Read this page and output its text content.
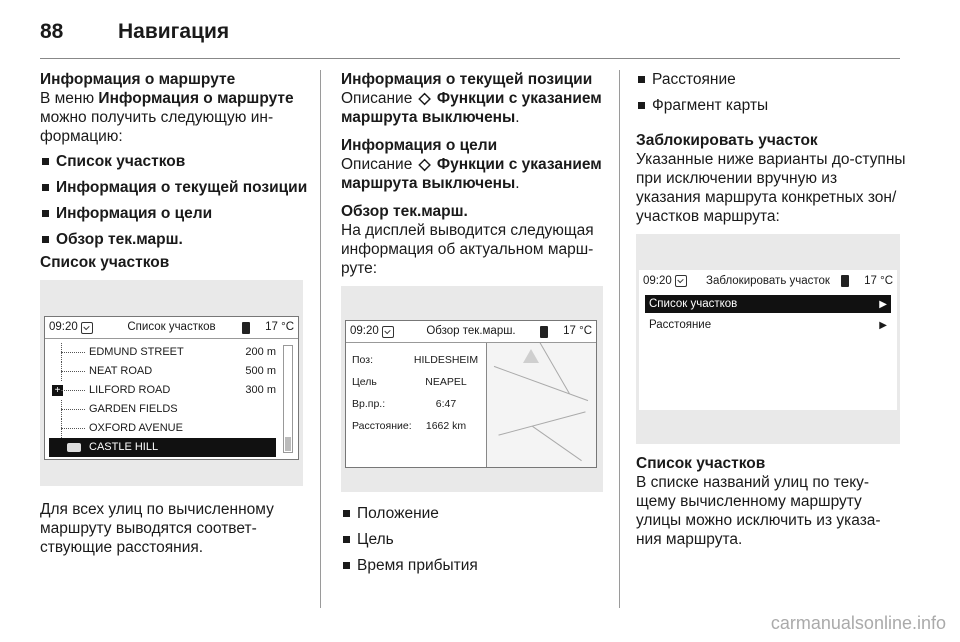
88	Навигация

Информация о маршруте

В меню Информация о маршруте можно получить следующую ин-формацию:

Список участков
Информация о текущей позиции
Информация о цели
Обзор тек.марш.

Список участков

09:20	Список участков	17 °C
EDMUND STREET	200 m
NEAT ROAD	500 m
+	LILFORD ROAD	300 m
GARDEN FIELDS
OXFORD AVENUE
CASTLE HILL

Для всех улиц по вычисленному маршруту выводятся соответ-ствующие расстояния.

Информация о текущей позиции

Описание ◇ Функции с указанием маршрута выключены.

Информация о цели

Описание ◇ Функции с указанием маршрута выключены.

Обзор тек.марш.

На дисплей выводится следующая информация об актуальном марш-руте:

09:20	Обзор тек.марш.	17 °C
Поз:	HILDESHEIM
Цель	NEAPEL
Вр.пр.:	6:47
Расстояние:	1662 km
Положение
Цель
Время прибытия
Расстояние
Фрагмент карты

Заблокировать участок

Указанные ниже варианты до-ступны при исключении вручную из указания маршрута конкретных зон/участков маршрута:

09:20	Заблокировать участок	17 °C
Список участков	▶
Расстояние	▶

Список участков

В списке названий улиц по теку-щему вычисленному маршруту улицы можно исключить из указа-ния маршрута.

carmanualsonline.info
